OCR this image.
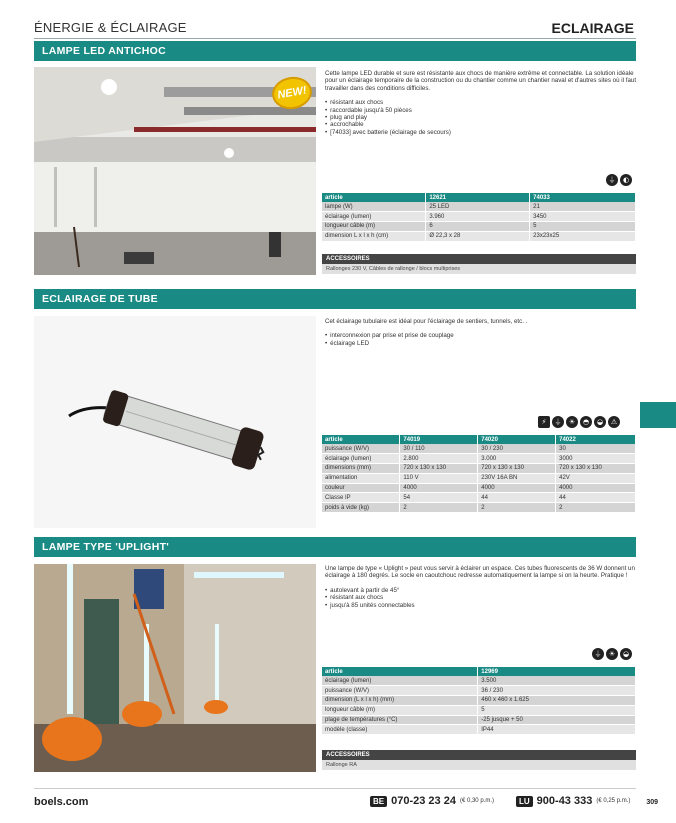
ÉNERGIE & ÉCLAIRAGE	ECLAIRAGE
LAMPE LED ANTICHOC
NEW!
Cette lampe LED durable et sure est résistante aux chocs de manière extrême et connectable. La solution idéale pour un éclairage temporaire de la construction ou du chantier comme un chantier naval et d'autres sites où il faut travailler dans des conditions difficiles.
• résistant aux chocs
• raccordable jusqu'à 50 pièces
• plug and play
• accrochable
• [74033] avec batterie (éclairage de secours)
⏚	◐
article	12621	74033
lampe (W)	25 LED	21
éclairage (lumen)	3.960	3450
longueur câble (m)	6	5
dimension L x l x h (cm)	Ø 22,3 x 28	23x23x25
ACCESSOIRES
Rallonges 230 V, Câbles de rallonge / blocs multiprises
ECLAIRAGE DE TUBE
Cet éclairage tubulaire est idéal pour l'éclairage de sentiers, tunnels, etc. .
• interconnexion par prise et prise de couplage
• éclairage LED
⚡	⏚	☀	◓	◒	⚠
article	74019	74020	74022
puissance (W/V)	30 / 110	30 / 230	30
éclairage (lumen)	2.800	3.000	3000
dimensions (mm)	720 x 130 x 130	720 x 130 x 130	720 x 130 x 130
alimentation	110 V	230V 16A BN	42V
couleur	4000	4000	4000
Classe IP	54	44	44
poids à vide (kg)	2	2	2
LAMPE TYPE 'UPLIGHT'
Une lampe de type « Uplight » peut vous servir à éclairer un espace. Ces tubes fluorescents de 36 W donnent un éclairage à 180 degrés. Le socle en caoutchouc redresse automatiquement la lampe si on la heurte. Pratique !
• autolevant à partir de 45°
• résistant aux chocs
• jusqu'à 85 unités connectables
⏚	☀	◒
article	12969
éclairage (lumen)	3.500
puissance (W/V)	36 / 230
dimension (L x l x h) (mm)	460 x 460 x 1.625
longueur câble (m)	5
plage de températures (°C)	-25 jusque + 50
modèle (classe)	IP44
ACCESSOIRES
Rallonge RA
boels.com	BE 070-23 23 24 (€ 0,30 p.m.)	LU 900-43 333 (€ 0,25 p.m.) 309
